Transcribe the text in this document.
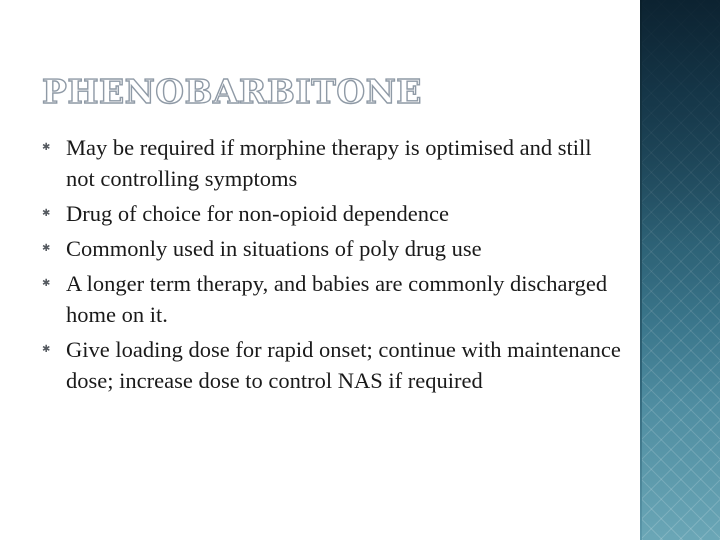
PHENOBARBITONE
✱ May be required if morphine therapy is optimised and still not controlling symptoms
✱ Drug of choice for non-opioid dependence
✱ Commonly used in situations of poly drug use
✱ A longer term therapy, and babies are commonly discharged home on it.
✱ Give loading dose for rapid onset; continue with maintenance dose; increase dose to control NAS if required
